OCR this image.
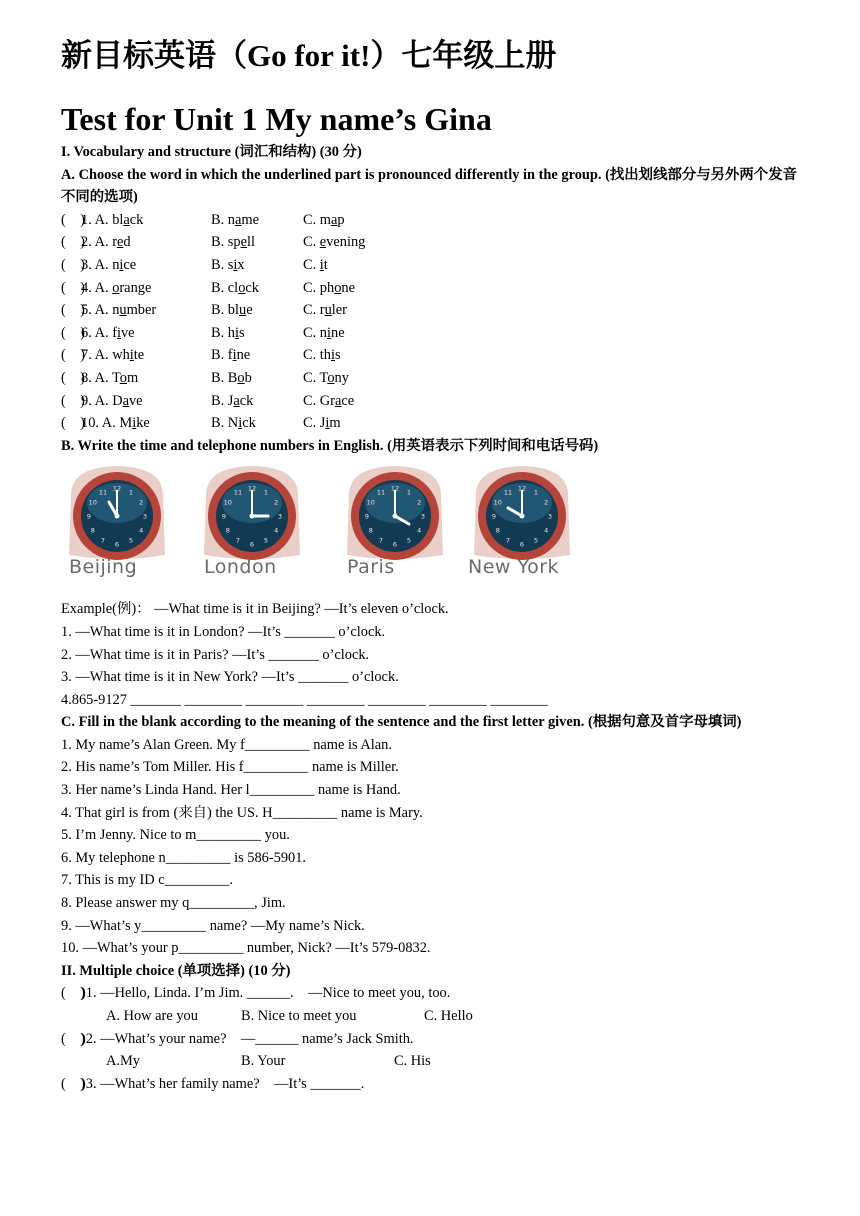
新目标英语（Go for it!）七年级上册
Test for Unit 1 My name’s Gina
I. Vocabulary and structure (词汇和结构) (30 分)
A. Choose the word in which the underlined part is pronounced differently in the group. (找出划线部分与另外两个发音不同的选项)
(    )
1. A. black	B. name	C. map
(    )
2. A. red	B. spell	C. evening
(    )
3. A. nice	B. six	C. it
(    )
4. A. orange	B. clock	C. phone
(    )
5. A. number	B. blue	C. ruler
(    )
6. A. five	B. his	C. nine
(    )
7. A. white	B. fine	C. this
(    )
8. A. Tom	B. Bob	C. Tony
(    )
9. A. Dave	B. Jack	C. Grace
(    )
10. A. Mike	B. Nick	C. Jim
B. Write the time and telephone numbers in English. (用英语表示下列时间和电话号码)
1
2
3
4
5
6
7
8
9
10
11 12
Beijing
1
2
3
4
5
6
7
8
9
10
11 12
London
1
2
3
4
5
6
7
8
9
10
11 12
Paris
1
2
3
4
5
6
7
8
9
10
11 12
New York
Example(例)： —What time is it in Beijing? —It’s eleven o’clock.
1. —What time is it in London? —It’s _______ o’clock.
2. —What time is it in Paris? —It’s _______ o’clock.
3. —What time is it in New York? —It’s _______ o’clock.
4.865-9127 _______ ________ ________ ________ ________ ________ ________
C. Fill in the blank according to the meaning of the sentence and the first letter given. (根据句意及首字母填词)
1. My name’s Alan Green. My f_________ name is Alan.
2. His name’s Tom Miller. His f_________ name is Miller.
3. Her name’s Linda Hand. Her l_________ name is Hand.
4. That girl is from (来自) the US. H_________ name is Mary.
5. I’m Jenny. Nice to m_________ you.
6. My telephone n_________ is 586-5901.
7. This is my ID c_________.
8. Please answer my q_________, Jim.
9. —What’s y_________ name? —My name’s Nick.
10. —What’s your p_________ number, Nick? —It’s 579-0832.
II. Multiple choice (单项选择) (10 分)
(    )
)1. —Hello, Linda. I’m Jim. ______.    —Nice to meet you, too.
A. How are you	B. Nice to meet you	C. Hello
(    )
)2. —What’s your name?    —______ name’s Jack Smith.
A.My	B. Your	C. His
(    )
)3. —What’s her family name?    —It’s _______.
